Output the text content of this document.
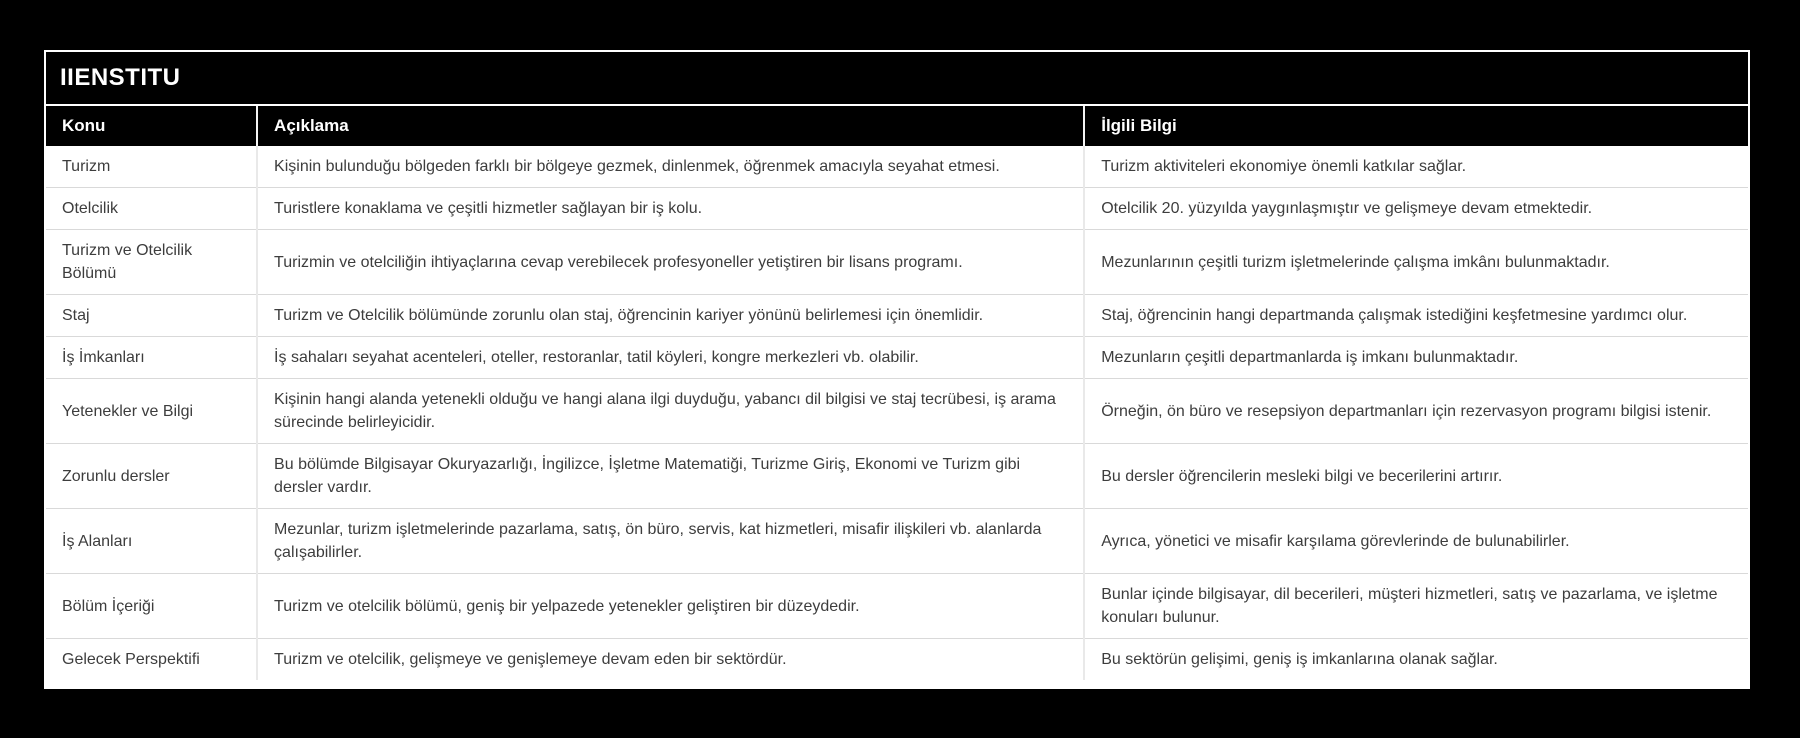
IIENSTITU
Konu	Açıklama	İlgili Bilgi
Turizm	Kişinin bulunduğu bölgeden farklı bir bölgeye gezmek, dinlenmek, öğrenmek amacıyla seyahat etmesi.	Turizm aktiviteleri ekonomiye önemli katkılar sağlar.
Otelcilik	Turistlere konaklama ve çeşitli hizmetler sağlayan bir iş kolu.	Otelcilik 20. yüzyılda yaygınlaşmıştır ve gelişmeye devam etmektedir.
Turizm ve Otelcilik Bölümü	Turizmin ve otelciliğin ihtiyaçlarına cevap verebilecek profesyoneller yetiştiren bir lisans programı.	Mezunlarının çeşitli turizm işletmelerinde çalışma imkânı bulunmaktadır.
Staj	Turizm ve Otelcilik bölümünde zorunlu olan staj, öğrencinin kariyer yönünü belirlemesi için önemlidir.	Staj, öğrencinin hangi departmanda çalışmak istediğini keşfetmesine yardımcı olur.
İş İmkanları	İş sahaları seyahat acenteleri, oteller, restoranlar, tatil köyleri, kongre merkezleri vb. olabilir.	Mezunların çeşitli departmanlarda iş imkanı bulunmaktadır.
Yetenekler ve Bilgi	Kişinin hangi alanda yetenekli olduğu ve hangi alana ilgi duyduğu, yabancı dil bilgisi ve staj tecrübesi, iş arama sürecinde belirleyicidir.	Örneğin, ön büro ve resepsiyon departmanları için rezervasyon programı bilgisi istenir.
Zorunlu dersler	Bu bölümde Bilgisayar Okuryazarlığı, İngilizce, İşletme Matematiği, Turizme Giriş, Ekonomi ve Turizm gibi dersler vardır.	Bu dersler öğrencilerin mesleki bilgi ve becerilerini artırır.
İş Alanları	Mezunlar, turizm işletmelerinde pazarlama, satış, ön büro, servis, kat hizmetleri, misafir ilişkileri vb. alanlarda çalışabilirler.	Ayrıca, yönetici ve misafir karşılama görevlerinde de bulunabilirler.
Bölüm İçeriği	Turizm ve otelcilik bölümü, geniş bir yelpazede yetenekler geliştiren bir düzeydedir.	Bunlar içinde bilgisayar, dil becerileri, müşteri hizmetleri, satış ve pazarlama, ve işletme konuları bulunur.
Gelecek Perspektifi	Turizm ve otelcilik, gelişmeye ve genişlemeye devam eden bir sektördür.	Bu sektörün gelişimi, geniş iş imkanlarına olanak sağlar.
